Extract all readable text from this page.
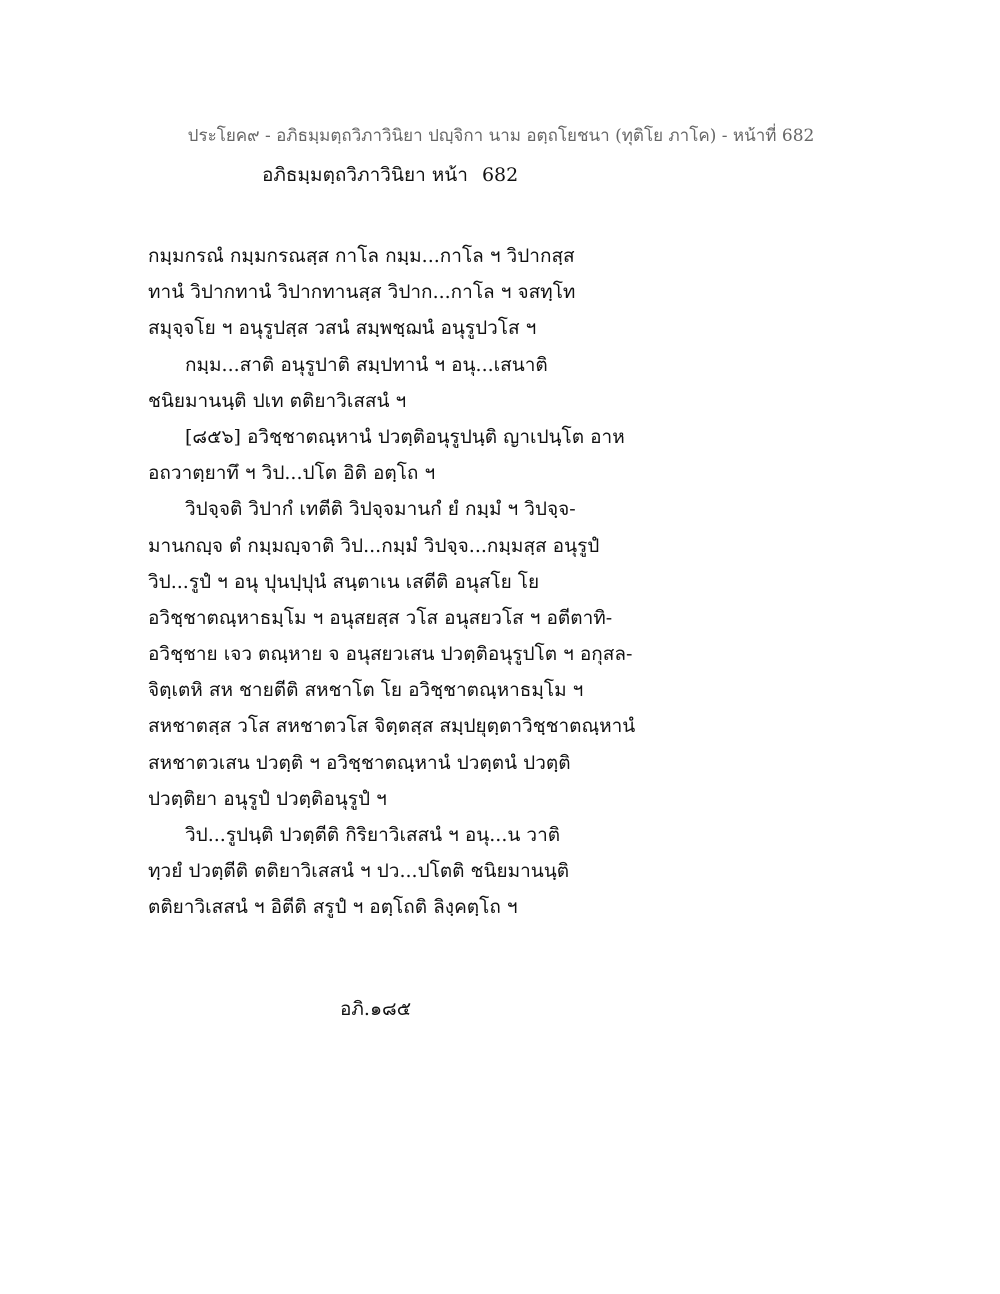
ประโยค๙ - อภิธมฺมตฺถวิภาวินิยา ปญฺจิกา นาม อตฺถโยชนา (ทุติโย ภาโค) - หน้าที่ 682
อภิธมฺมตฺถวิภาวินิยา หน้า 682
กมฺมกรณํ กมฺมกรณสฺส กาโล กมฺม...กาโล ฯ วิปากสฺส
ทานํ วิปากทานํ วิปากทานสฺส วิปาก...กาโล ฯ จสทฺโท
สมุจฺจโย ฯ อนุรูปสฺส วสนํ สมฺพชฺฌนํ อนุรูปวโส ฯ
กมฺม...สาติ อนุรูปาติ สมฺปทานํ ฯ อนุ...เสนาติ
ชนิยมานนฺติ ปเท ตติยาวิเสสนํ ฯ
[๘๕๖] อวิชฺชาตณฺหานํ ปวตฺติอนุรูปนฺติ ญาเปนฺโต อาห
อถวาตฺยาทึ ฯ วิป...ปโต อิติ อตฺโถ ฯ
วิปจฺจติ วิปากํ เทตีติ วิปจฺจมานกํ ยํ กมฺมํ ฯ วิปจฺจ-
มานกญฺจ ตํ กมฺมญฺจาติ วิป...กมฺมํ วิปจฺจ...กมฺมสฺส อนุรูปํ
วิป...รูปํ ฯ อนุ ปุนปฺปุนํ สนฺตาเน เสตีติ อนุสโย โย
อวิชฺชาตณฺหาธมฺโม ฯ อนุสยสฺส วโส อนุสยวโส ฯ อตีตาทิ-
อวิชฺชาย เจว ตณฺหาย จ อนุสยวเสน ปวตฺติอนุรูปโต ฯ อกุสล-
จิตฺเตหิ สห ชายตีติ สหชาโต โย อวิชฺชาตณฺหาธมฺโม ฯ
สหชาตสฺส วโส สหชาตวโส จิตฺตสฺส สมฺปยุตฺตาวิชฺชาตณฺหานํ
สหชาตวเสน ปวตฺติ ฯ อวิชฺชาตณฺหานํ ปวตฺตนํ ปวตฺติ
ปวตฺติยา อนุรูปํ ปวตฺติอนุรูปํ ฯ
วิป...รูปนฺติ ปวตฺตีติ กิริยาวิเสสนํ ฯ อนุ...น วาติ
ทฺวยํ ปวตฺตีติ ตติยาวิเสสนํ ฯ ปว...ปโตติ ชนิยมานนฺติ
ตติยาวิเสสนํ ฯ อิตีติ สรูปํ ฯ อตฺโถติ ลิงฺคตฺโถ ฯ
อภิ.๑๘๕
